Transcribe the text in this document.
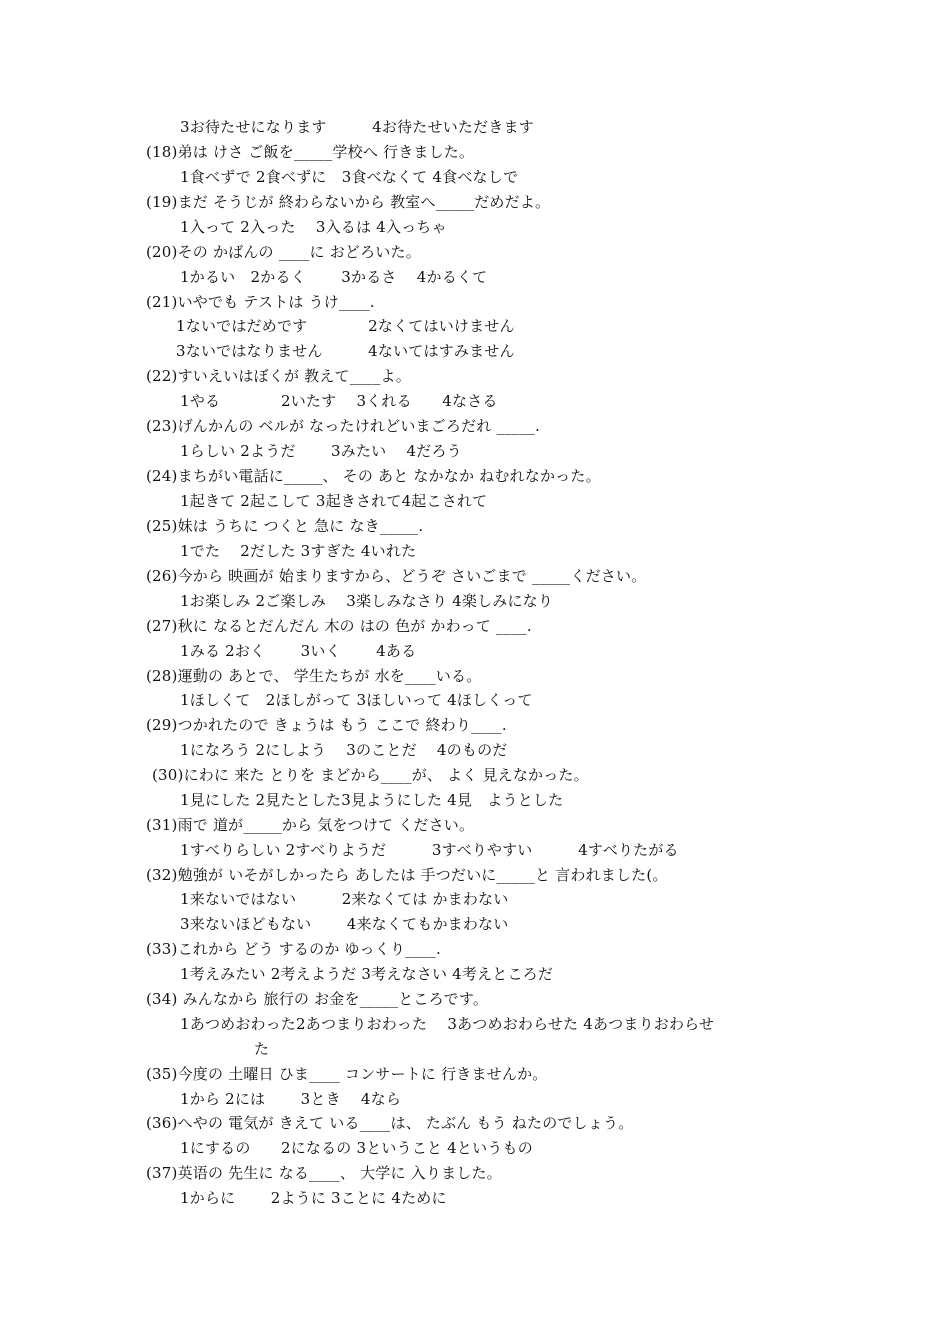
3お待たせになります　　　4お待たせいただきます
(18)弟は けさ ご飯を_____学校へ 行きました。
1食べずで 2食べずに　3食べなくて 4食べなしで
(19)まだ そうじが 終わらないから 教室へ_____だめだよ。
1入って 2入った　 3入るは 4入っちゃ
(20)その かばんの ____に おどろいた。
1かるい　2かるく　　 3かるさ　 4かるくて
(21)いやでも テストは うけ____.
1ないではだめです　　　　2なくてはいけません
3ないではなりません　　　4ないてはすみません
(22)すいえいはぼくが 教えて____よ。
1やる　　　　2いたす　 3くれる　　4なさる
(23)げんかんの ベルが なったけれどいまごろだれ _____.
1らしい 2ようだ　　 3みたい　 4だろう
(24)まちがい電話に_____、 その あと なかなか ねむれなかった。
1起きて 2起こして 3起きされて4起こされて
(25)妹は うちに つくと 急に なき_____.
1でた　 2だした 3すぎた 4いれた
(26)今から 映画が 始まりますから、どうぞ さいごまで _____ください。
1お楽しみ 2ご楽しみ　 3楽しみなさり 4楽しみになり
(27)秋に なるとだんだん 木の はの 色が かわって ____.
1みる 2おく　　 3いく　　 4ある
(28)運動の あとで、 学生たちが 水を____いる。
1ほしくて　2ほしがって 3ほしいって 4ほしくって
(29)つかれたので きょうは もう ここで 終わり____.
1になろう 2にしよう　 3のことだ　 4のものだ
(30)にわに 来た とりを まどから____が、 よく 見えなかった。
1見にした 2見たとした3見ようにした 4見　ようとした
(31)雨で 道が_____から 気をつけて ください。
1すべりらしい 2すべりようだ　　　3すべりやすい　　　4すべりたがる
(32)勉強が いそがしかったら あしたは 手つだいに_____と 言われました(。
1来ないではない　　　2来なくては かまわない
3来ないほどもない　　 4来なくてもかまわない
(33)これから どう するのか ゆっくり____.
1考えみたい 2考えようだ 3考えなさい 4考えところだ
(34) みんなから 旅行の お金を_____ところです。
1あつめおわった2あつまりおわった　 3あつめおわらせた 4あつまりおわらせ
た
(35)今度の 土曜日 ひま____ コンサートに 行きませんか。
1から 2には　　 3とき　 4なら
(36)へやの 電気が きえて いる____は、 たぶん もう ねたのでしょう。
1にするの　　2になるの 3ということ 4というもの
(37)英语の 先生に なる____、 大学に 入りました。
1からに　　 2ように 3ことに 4ために
